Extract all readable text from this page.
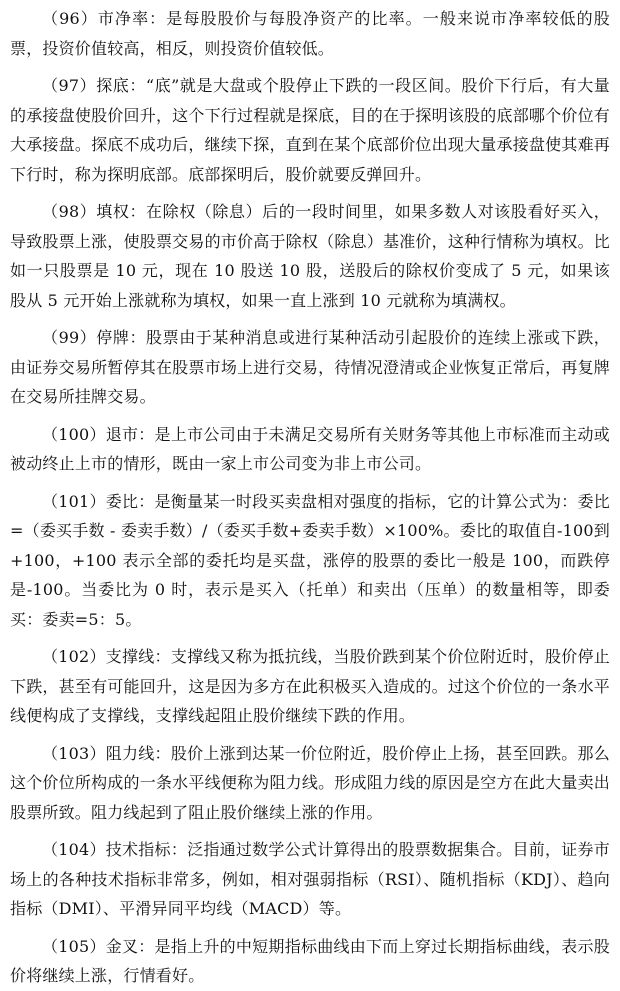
（96）市净率：是每股股价与每股净资产的比率。一般来说市净率较低的股票，投资价值较高，相反，则投资价值较低。

（97）探底：“底”就是大盘或个股停止下跌的一段区间。股价下行后，有大量的承接盘使股价回升，这个下行过程就是探底，目的在于探明该股的底部哪个价位有大承接盘。探底不成功后，继续下探，直到在某个底部价位出现大量承接盘使其难再下行时，称为探明底部。底部探明后，股价就要反弹回升。

（98）填权：在除权（除息）后的一段时间里，如果多数人对该股看好买入，导致股票上涨，使股票交易的市价高于除权（除息）基准价，这种行情称为填权。比如一只股票是 10 元，现在 10 股送 10 股，送股后的除权价变成了 5 元，如果该股从 5 元开始上涨就称为填权，如果一直上涨到 10 元就称为填满权。

（99）停牌：股票由于某种消息或进行某种活动引起股价的连续上涨或下跌，由证券交易所暂停其在股票市场上进行交易，待情况澄清或企业恢复正常后，再复牌在交易所挂牌交易。

（100）退市：是上市公司由于未满足交易所有关财务等其他上市标准而主动或被动终止上市的情形，既由一家上市公司变为非上市公司。

（101）委比：是衡量某一时段买卖盘相对强度的指标，它的计算公式为：委比=（委买手数 - 委卖手数）/（委买手数+委卖手数）×100%。委比的取值自-100到+100，+100 表示全部的委托均是买盘，涨停的股票的委比一般是 100，而跌停是-100。当委比为 0 时，表示是买入（托单）和卖出（压单）的数量相等，即委买：委卖=5：5。

（102）支撑线：支撑线又称为抵抗线，当股价跌到某个价位附近时，股价停止下跌，甚至有可能回升，这是因为多方在此积极买入造成的。过这个价位的一条水平线便构成了支撑线，支撑线起阻止股价继续下跌的作用。

（103）阻力线：股价上涨到达某一价位附近，股价停止上扬，甚至回跌。那么这个价位所构成的一条水平线便称为阻力线。形成阻力线的原因是空方在此大量卖出股票所致。阻力线起到了阻止股价继续上涨的作用。

（104）技术指标：泛指通过数学公式计算得出的股票数据集合。目前，证券市场上的各种技术指标非常多，例如，相对强弱指标（RSI）、随机指标（KDJ）、趋向指标（DMI）、平滑异同平均线（MACD）等。

（105）金叉：是指上升的中短期指标曲线由下而上穿过长期指标曲线，表示股价将继续上涨，行情看好。
